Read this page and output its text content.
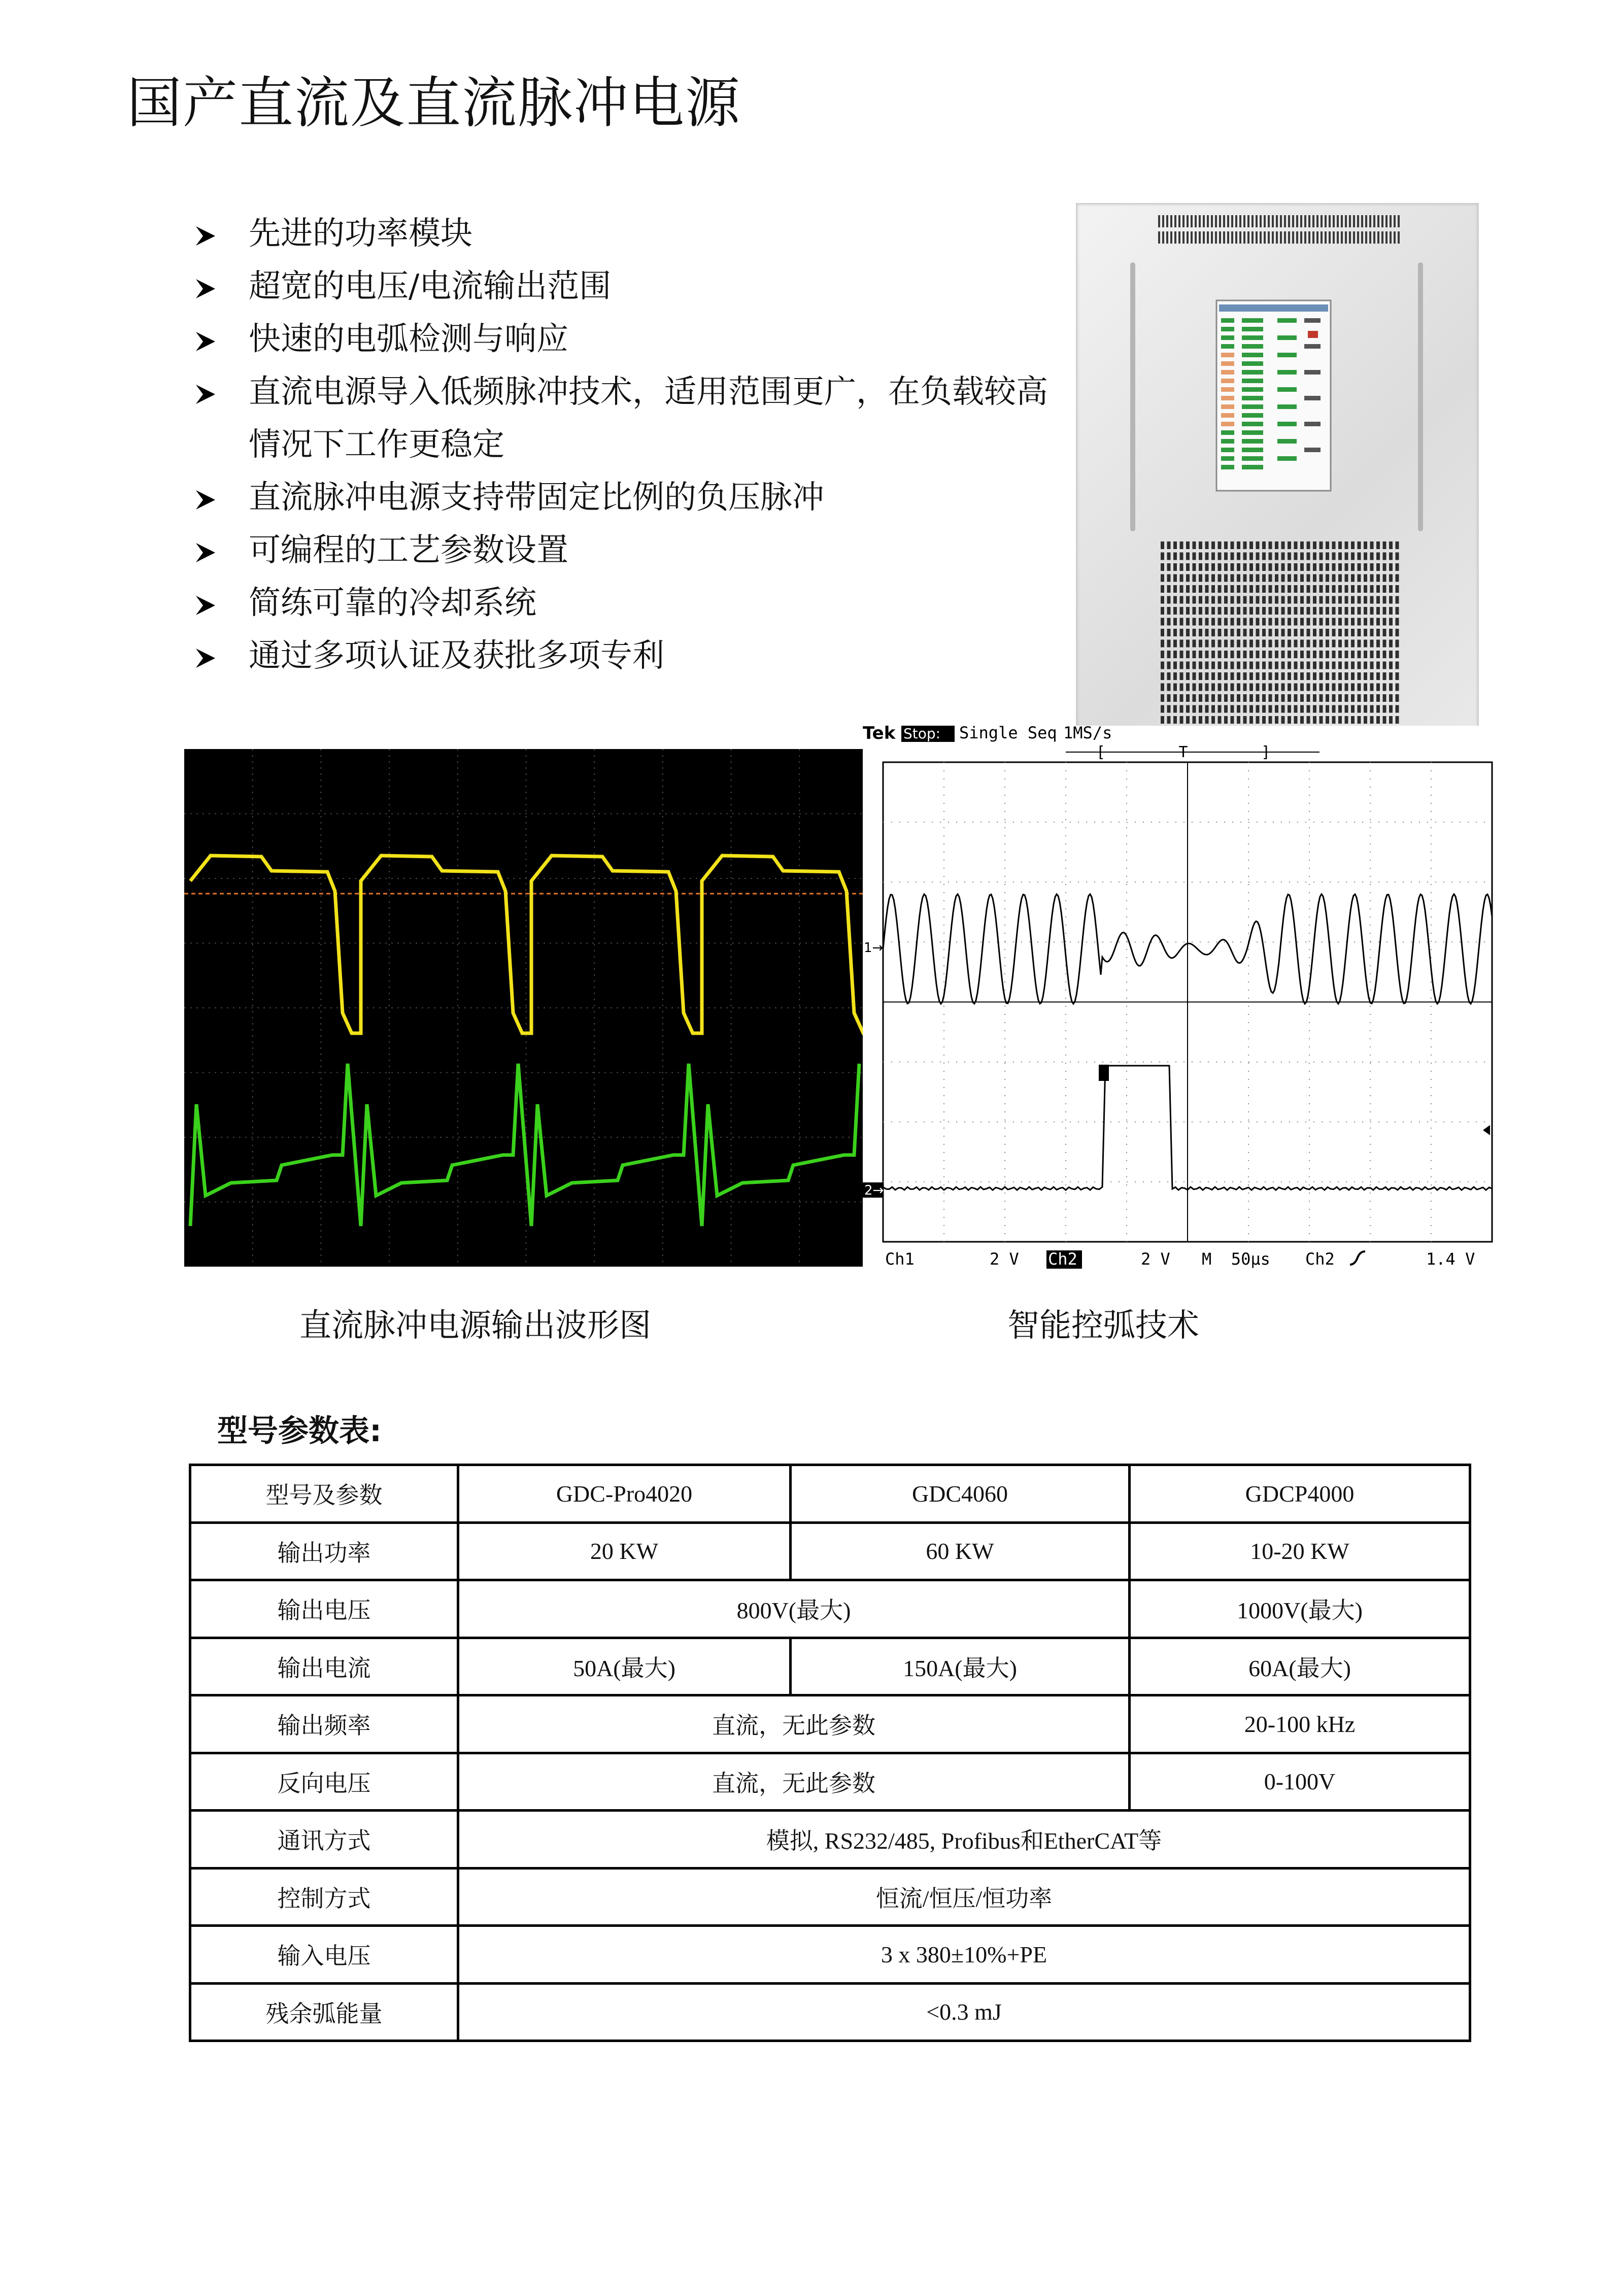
国产直流及直流脉冲电源
先进的功率模块
超宽的电压/电流输出范围
快速的电弧检测与响应
直流电源导入低频脉冲技术，适用范围更广，在负载较高情况下工作更稳定
直流脉冲电源支持带固定比例的负压脉冲
可编程的工艺参数设置
简练可靠的冷却系统
通过多项认证及获批多项专利
Tek Stop: Single Seq 1MS/s
[        T        ]
1→
2→
Ch1	2 V Ch2	2 V M  50μs Ch2	1.4 V
直流脉冲电源输出波形图	智能控弧技术
型号参数表:
型号及参数	GDC-Pro4020	GDC4060	GDCP4000
输出功率	20 KW	60 KW	10-20 KW
输出电压	800V(最大)		1000V(最大)
输出电流	50A(最大)	150A(最大)	60A(最大)
输出频率	直流，无此参数		20-100 kHz
反向电压	直流，无此参数		0-100V
通讯方式	模拟, RS232/485, Profibus和EtherCAT等		
控制方式	恒流/恒压/恒功率		
输入电压	3 x 380±10%+PE		
残余弧能量	<0.3 mJ		
